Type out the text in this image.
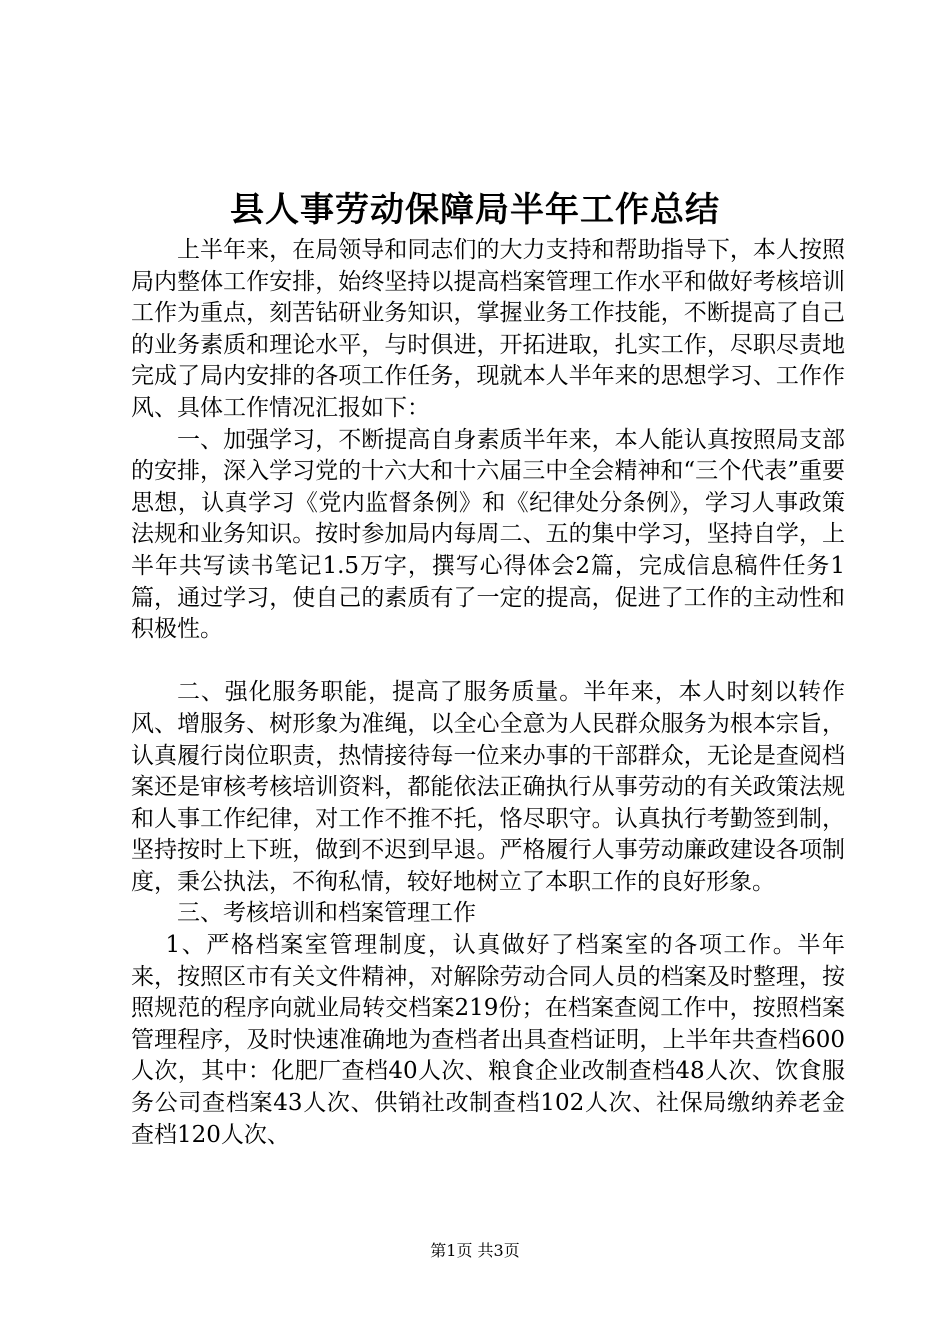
县人事劳动保障局半年工作总结

上半年来，在局领导和同志们的大力支持和帮助指导下，本人按照局内整体工作安排，始终坚持以提高档案管理工作水平和做好考核培训工作为重点，刻苦钻研业务知识，掌握业务工作技能，不断提高了自己的业务素质和理论水平，与时俱进，开拓进取，扎实工作，尽职尽责地完成了局内安排的各项工作任务，现就本人半年来的思想学习、工作作风、具体工作情况汇报如下：

一、加强学习，不断提高自身素质半年来，本人能认真按照局支部的安排，深入学习党的十六大和十六届三中全会精神和“三个代表”重要思想，认真学习《党内监督条例》和《纪律处分条例》，学习人事政策法规和业务知识。按时参加局内每周二、五的集中学习，坚持自学，上半年共写读书笔记1.5万字，撰写心得体会2篇，完成信息稿件任务1篇，通过学习，使自己的素质有了一定的提高，促进了工作的主动性和积极性。

二、强化服务职能，提高了服务质量。半年来，本人时刻以转作风、增服务、树形象为准绳，以全心全意为人民群众服务为根本宗旨，认真履行岗位职责，热情接待每一位来办事的干部群众，无论是查阅档案还是审核考核培训资料，都能依法正确执行从事劳动的有关政策法规和人事工作纪律，对工作不推不托，恪尽职守。认真执行考勤签到制，坚持按时上下班，做到不迟到早退。严格履行人事劳动廉政建设各项制度，秉公执法，不徇私情，较好地树立了本职工作的良好形象。

三、考核培训和档案管理工作

1、严格档案室管理制度，认真做好了档案室的各项工作。半年来，按照区市有关文件精神，对解除劳动合同人员的档案及时整理，按照规范的程序向就业局转交档案219份；在档案查阅工作中，按照档案管理程序，及时快速准确地为查档者出具查档证明，上半年共查档600人次，其中：化肥厂查档40人次、粮食企业改制查档48人次、饮食服务公司查档案43人次、供销社改制查档102人次、社保局缴纳养老金查档120人次、

第1页 共3页
